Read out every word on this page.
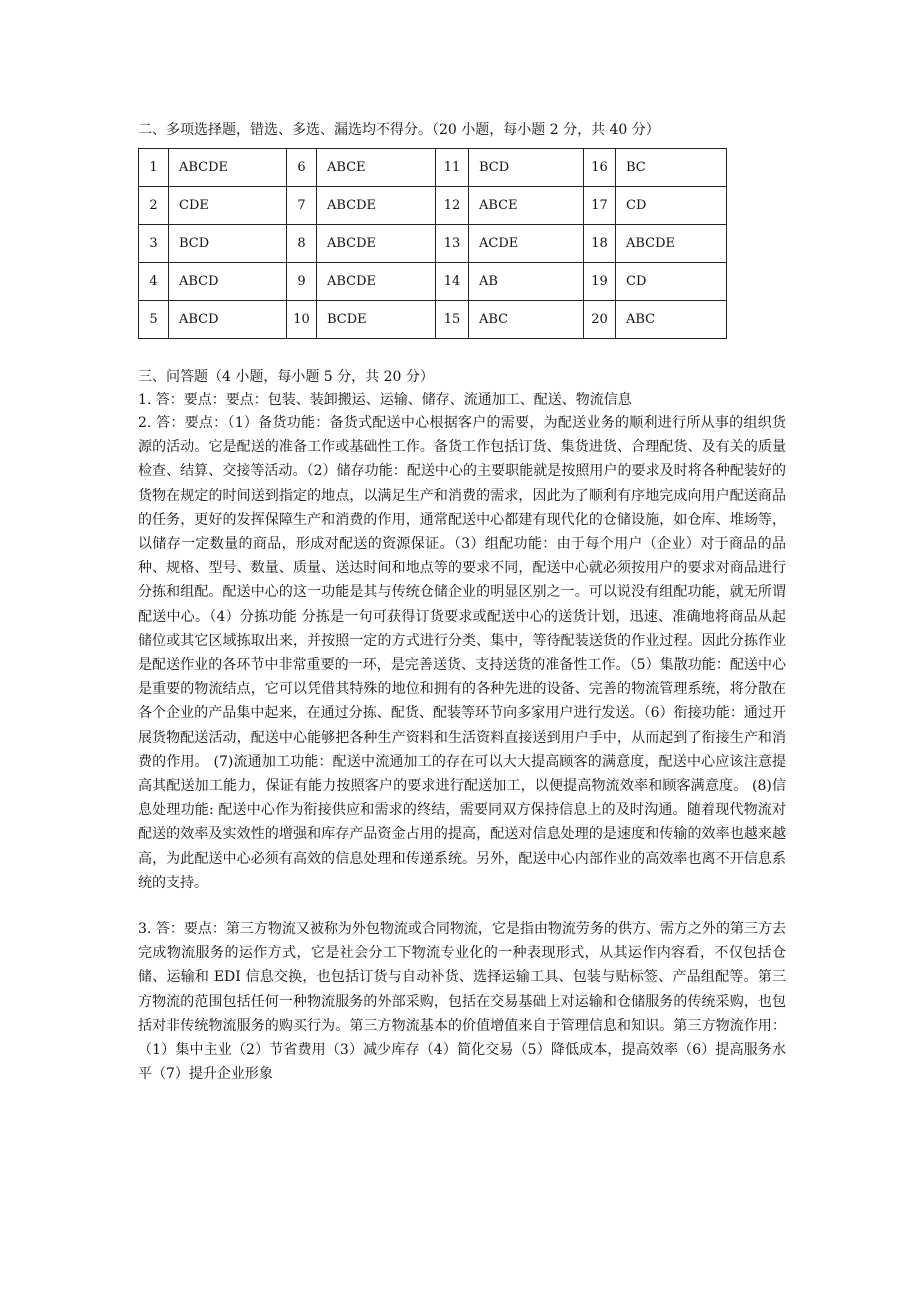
二、多项选择题，错选、多选、漏选均不得分。（20 小题，每小题 2 分，共 40 分）
1	ABCDE	6	ABCE	11	BCD	16	BC
2	CDE	7	ABCDE	12	ABCE	17	CD
3	BCD	8	ABCDE	13	ACDE	18	ABCDE
4	ABCD	9	ABCDE	14	AB	19	CD
5	ABCD	10	BCDE	15	ABC	20	ABC
三、问答题（4 小题，每小题 5 分，共 20 分）

1. 答：要点：要点：包装、装卸搬运、运输、储存、流通加工、配送、物流信息

2. 答：要点：（1）备货功能：备货式配送中心根据客户的需要，为配送业务的顺利进行所从事的组织货源的活动。它是配送的准备工作或基础性工作。备货工作包括订货、集货进货、合理配货、及有关的质量检查、结算、交接等活动。（2）储存功能：配送中心的主要职能就是按照用户的要求及时将各种配装好的货物在规定的时间送到指定的地点，以满足生产和消费的需求，因此为了顺利有序地完成向用户配送商品的任务，更好的发挥保障生产和消费的作用，通常配送中心都建有现代化的仓储设施，如仓库、堆场等，以储存一定数量的商品，形成对配送的资源保证。（3）组配功能：由于每个用户（企业）对于商品的品种、规格、型号、数量、质量、送达时间和地点等的要求不同，配送中心就必须按用户的要求对商品进行分拣和组配。配送中心的这一功能是其与传统仓储企业的明显区别之一。可以说没有组配功能，就无所谓配送中心。（4）分拣功能 分拣是一句可获得订货要求或配送中心的送货计划，迅速、准确地将商品从起储位或其它区域拣取出来，并按照一定的方式进行分类、集中，等待配装送货的作业过程。因此分拣作业是配送作业的各环节中非常重要的一环，是完善送货、支持送货的准备性工作。（5）集散功能：配送中心是重要的物流结点，它可以凭借其特殊的地位和拥有的各种先进的设备、完善的物流管理系统，将分散在各个企业的产品集中起来，在通过分拣、配货、配装等环节向多家用户进行发送。（6）衔接功能：通过开展货物配送活动，配送中心能够把各种生产资料和生活资料直接送到用户手中，从而起到了衔接生产和消费的作用。 (7)流通加工功能：配送中流通加工的存在可以大大提高顾客的满意度，配送中心应该注意提高其配送加工能力，保证有能力按照客户的要求进行配送加工，以便提高物流效率和顾客满意度。 (8)信息处理功能: 配送中心作为衔接供应和需求的终结，需要同双方保持信息上的及时沟通。随着现代物流对配送的效率及实效性的增强和库存产品资金占用的提高，配送对信息处理的是速度和传输的效率也越来越高，为此配送中心必须有高效的信息处理和传递系统。另外，配送中心内部作业的高效率也离不开信息系统的支持。

3. 答：要点：第三方物流又被称为外包物流或合同物流，它是指由物流劳务的供方、需方之外的第三方去完成物流服务的运作方式，它是社会分工下物流专业化的一种表现形式，从其运作内容看，不仅包括仓储、运输和 EDI 信息交换，也包括订货与自动补货、选择运输工具、包装与贴标签、产品组配等。第三方物流的范围包括任何一种物流服务的外部采购，包括在交易基础上对运输和仓储服务的传统采购，也包括对非传统物流服务的购买行为。第三方物流基本的价值增值来自于管理信息和知识。第三方物流作用：（1）集中主业（2）节省费用（3）减少库存（4）简化交易（5）降低成本，提高效率（6）提高服务水平（7）提升企业形象
